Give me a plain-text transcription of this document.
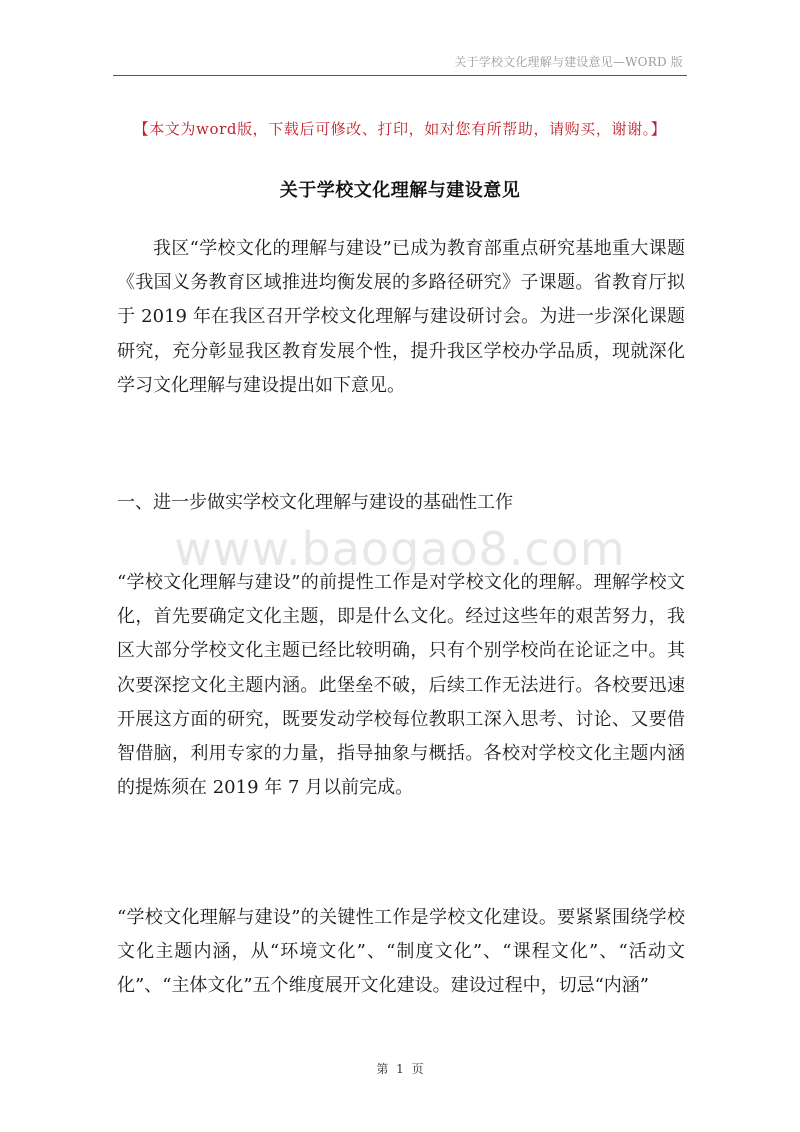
关于学校文化理解与建设意见—WORD 版
【本文为word版，下载后可修改、打印，如对您有所帮助，请购买，谢谢。】
关于学校文化理解与建设意见

我区“学校文化的理解与建设”已成为教育部重点研究基地重大课题《我国义务教育区域推进均衡发展的多路径研究》子课题。省教育厅拟于 2019 年在我区召开学校文化理解与建设研讨会。为进一步深化课题研究，充分彰显我区教育发展个性，提升我区学校办学品质，现就深化学习文化理解与建设提出如下意见。

一、进一步做实学校文化理解与建设的基础性工作

www.baogao8.com

“学校文化理解与建设”的前提性工作是对学校文化的理解。理解学校文化，首先要确定文化主题，即是什么文化。经过这些年的艰苦努力，我区大部分学校文化主题已经比较明确，只有个别学校尚在论证之中。其次要深挖文化主题内涵。此堡垒不破，后续工作无法进行。各校要迅速开展这方面的研究，既要发动学校每位教职工深入思考、讨论、又要借智借脑，利用专家的力量，指导抽象与概括。各校对学校文化主题内涵的提炼须在 2019 年 7 月以前完成。

“学校文化理解与建设”的关键性工作是学校文化建设。要紧紧围绕学校文化主题内涵，从“环境文化”、“制度文化”、“课程文化”、“活动文化”、“主体文化”五个维度展开文化建设。建设过程中，切忌“内涵”

第 1 页
